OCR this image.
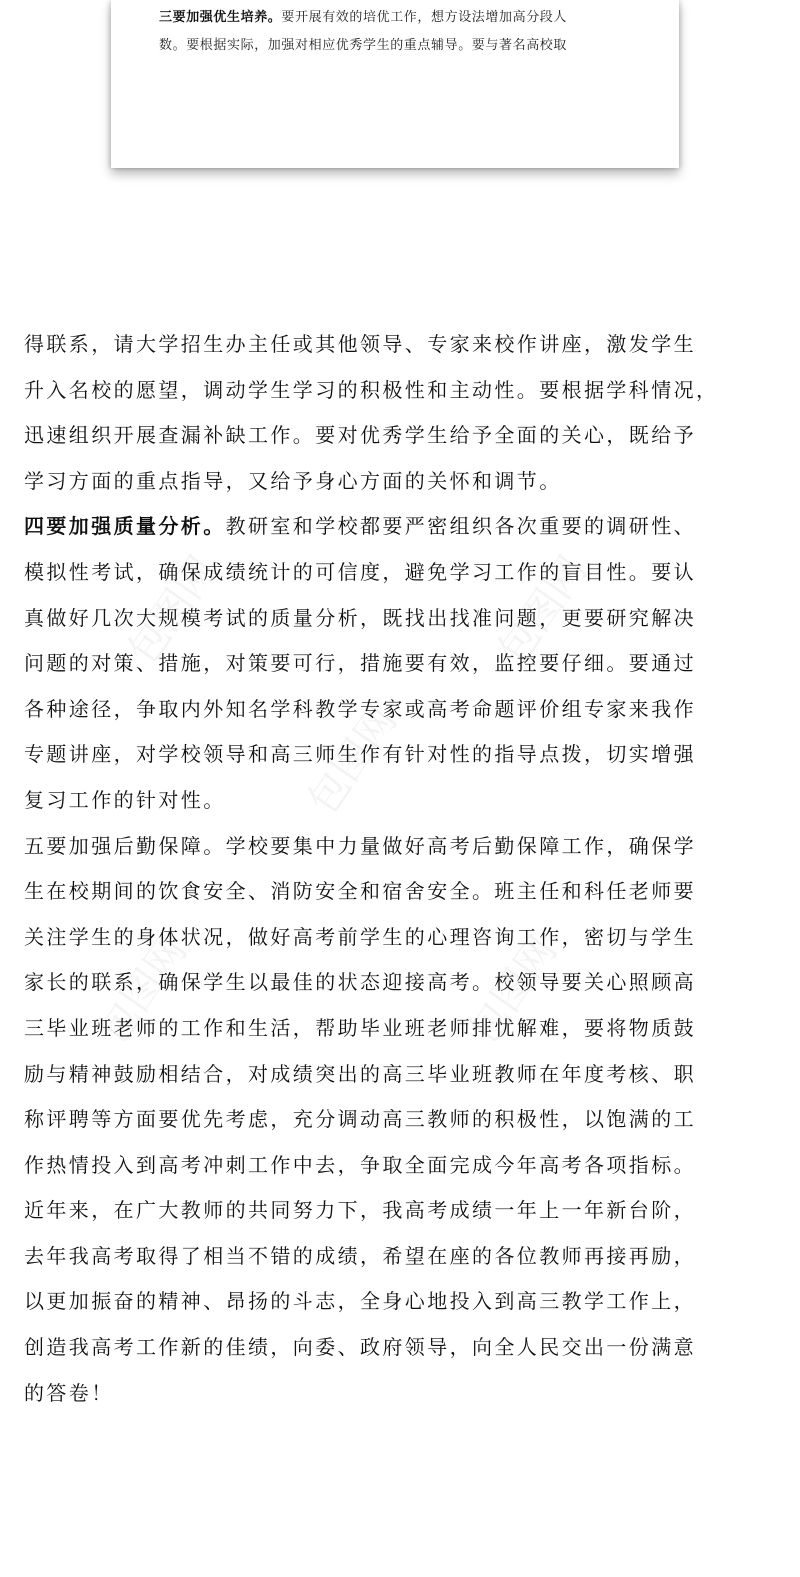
包图网	包图网
包图网
包图网	包图网

三要加强优生培养。要开展有效的培优工作，想方设法增加高分段人
数。要根据实际，加强对相应优秀学生的重点辅导。要与著名高校取

得联系，请大学招生办主任或其他领导、专家来校作讲座，激发学生
升入名校的愿望，调动学生学习的积极性和主动性。要根据学科情况，
迅速组织开展查漏补缺工作。要对优秀学生给予全面的关心，既给予
学习方面的重点指导，又给予身心方面的关怀和调节。
四要加强质量分析。教研室和学校都要严密组织各次重要的调研性、
模拟性考试，确保成绩统计的可信度，避免学习工作的盲目性。要认
真做好几次大规模考试的质量分析，既找出找准问题，更要研究解决
问题的对策、措施，对策要可行，措施要有效，监控要仔细。要通过
各种途径，争取内外知名学科教学专家或高考命题评价组专家来我作
专题讲座，对学校领导和高三师生作有针对性的指导点拨，切实增强
复习工作的针对性。
五要加强后勤保障。学校要集中力量做好高考后勤保障工作，确保学
生在校期间的饮食安全、消防安全和宿舍安全。班主任和科任老师要
关注学生的身体状况，做好高考前学生的心理咨询工作，密切与学生
家长的联系，确保学生以最佳的状态迎接高考。校领导要关心照顾高
三毕业班老师的工作和生活，帮助毕业班老师排忧解难，要将物质鼓
励与精神鼓励相结合，对成绩突出的高三毕业班教师在年度考核、职
称评聘等方面要优先考虑，充分调动高三教师的积极性，以饱满的工
作热情投入到高考冲刺工作中去，争取全面完成今年高考各项指标。
近年来，在广大教师的共同努力下，我高考成绩一年上一年新台阶，
去年我高考取得了相当不错的成绩，希望在座的各位教师再接再励，
以更加振奋的精神、昂扬的斗志，全身心地投入到高三教学工作上，
创造我高考工作新的佳绩，向委、政府领导，向全人民交出一份满意
的答卷！
